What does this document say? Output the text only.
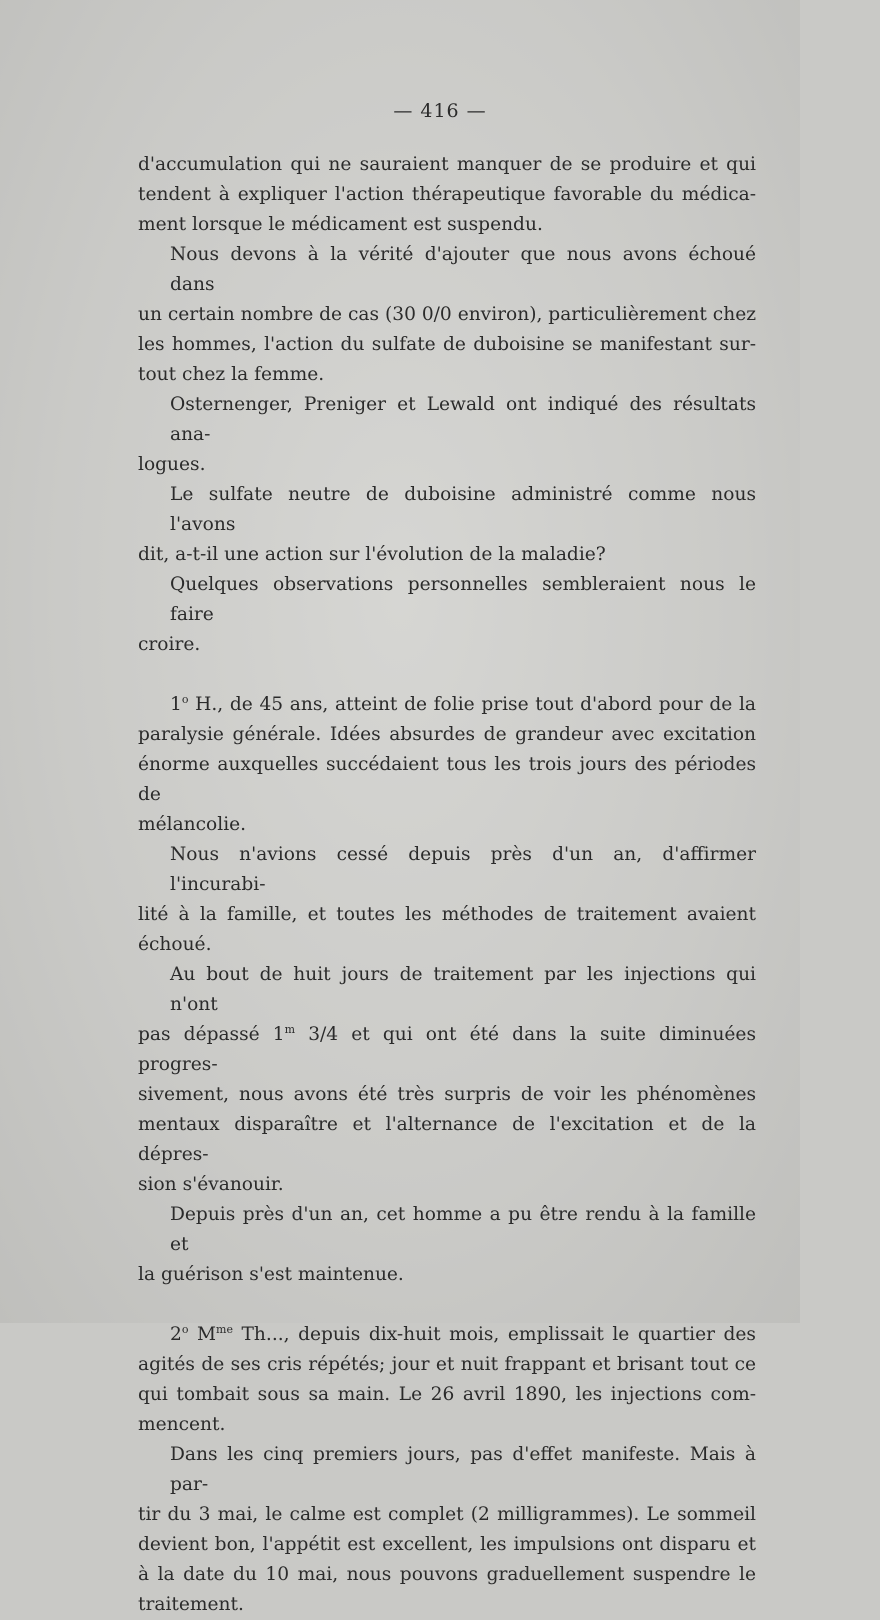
— 416 —
d'accumulation qui ne sauraient manquer de se produire et qui
tendent à expliquer l'action thérapeutique favorable du médica-
ment lorsque le médicament est suspendu.
Nous devons à la vérité d'ajouter que nous avons échoué dans
un certain nombre de cas (30 0/0 environ), particulièrement chez
les hommes, l'action du sulfate de duboisine se manifestant sur-
tout chez la femme.
Osternenger, Preniger et Lewald ont indiqué des résultats ana-
logues.
Le sulfate neutre de duboisine administré comme nous l'avons
dit, a-t-il une action sur l'évolution de la maladie?
Quelques observations personnelles sembleraient nous le faire
croire.
1$^o$ H., de 45 ans, atteint de folie prise tout d'abord pour de la
paralysie générale. Idées absurdes de grandeur avec excitation
énorme auxquelles succédaient tous les trois jours des périodes de
mélancolie.
Nous n'avions cessé depuis près d'un an, d'affirmer l'incurabi-
lité à la famille, et toutes les méthodes de traitement avaient
échoué.
Au bout de huit jours de traitement par les injections qui n'ont
pas dépassé 1$^m$ 3/4 et qui ont été dans la suite diminuées progres-
sivement, nous avons été très surpris de voir les phénomènes
mentaux disparaître et l'alternance de l'excitation et de la dépres-
sion s'évanouir.
Depuis près d'un an, cet homme a pu être rendu à la famille et
la guérison s'est maintenue.
2$^o$ $M^{me}$ Th..., depuis dix-huit mois, emplissait le quartier des
agités de ses cris répétés; jour et nuit frappant et brisant tout ce
qui tombait sous sa main. Le 26 avril 1890, les injections com-
mencent.
Dans les cinq premiers jours, pas d'effet manifeste. Mais à par-
tir du 3 mai, le calme est complet (2 milligrammes). Le sommeil
devient bon, l'appétit est excellent, les impulsions ont disparu et
à la date du 10 mai, nous pouvons graduellement suspendre le
traitement.
